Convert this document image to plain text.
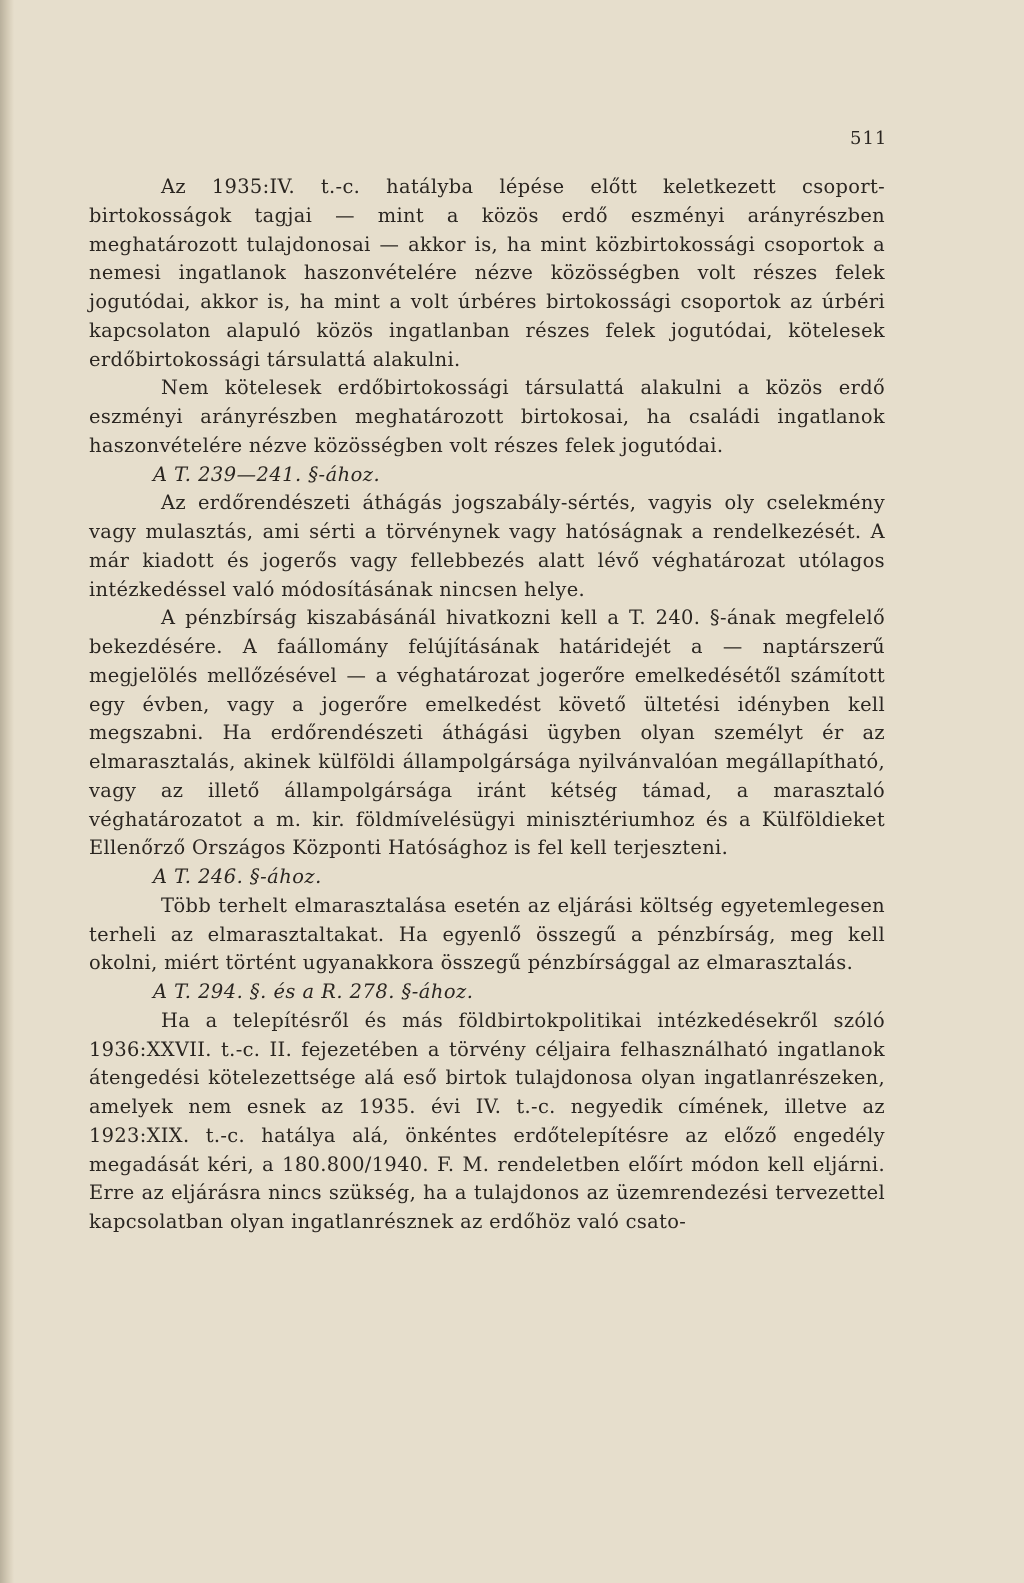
511

Az 1935:IV. t.-c. hatályba lépése előtt keletkezett csoport-birtokosságok tagjai — mint a közös erdő eszményi arányrészben meghatározott tulajdonosai — akkor is, ha mint közbirtokossági csoportok a nemesi ingatlanok haszonvételére nézve közösségben volt részes felek jogutódai, akkor is, ha mint a volt úrbéres birtokossági csoportok az úrbéri kapcsolaton alapuló közös ingatlanban részes felek jogutódai, kötelesek erdőbirtokossági társulattá alakulni.

Nem kötelesek erdőbirtokossági társulattá alakulni a közös erdő eszményi arányrészben meghatározott birtokosai, ha családi ingatlanok haszonvételére nézve közösségben volt részes felek jogutódai.

A T. 239—241. §-ához.

Az erdőrendészeti áthágás jogszabály-sértés, vagyis oly cselekmény vagy mulasztás, ami sérti a törvénynek vagy hatóságnak a rendelkezését. A már kiadott és jogerős vagy fellebbezés alatt lévő véghatározat utólagos intézkedéssel való módosításának nincsen helye.

A pénzbírság kiszabásánál hivatkozni kell a T. 240. §-ának megfelelő bekezdésére. A faállomány felújításának határidejét a — naptárszerű megjelölés mellőzésével — a véghatározat jogerőre emelkedésétől számított egy évben, vagy a jogerőre emelkedést követő ültetési idényben kell megszabni. Ha erdőrendészeti áthágási ügyben olyan személyt ér az elmarasztalás, akinek külföldi állampolgársága nyilvánvalóan megállapítható, vagy az illető állampolgársága iránt kétség támad, a marasztaló véghatározatot a m. kir. földmívelésügyi minisztériumhoz és a Külföldieket Ellenőrző Országos Központi Hatósághoz is fel kell terjeszteni.

A T. 246. §-ához.

Több terhelt elmarasztalása esetén az eljárási költség egyetemlegesen terheli az elmarasztaltakat. Ha egyenlő összegű a pénzbírság, meg kell okolni, miért történt ugyanakkora összegű pénzbírsággal az elmarasztalás.

A T. 294. §. és a R. 278. §-ához.

Ha a telepítésről és más földbirtokpolitikai intézkedésekről szóló 1936:XXVII. t.-c. II. fejezetében a törvény céljaira felhasználható ingatlanok átengedési kötelezettsége alá eső birtok tulajdonosa olyan ingatlanrészeken, amelyek nem esnek az 1935. évi IV. t.-c. negyedik címének, illetve az 1923:XIX. t.-c. hatálya alá, önkéntes erdőtelepítésre az előző engedély megadását kéri, a 180.800/1940. F. M. rendeletben előírt módon kell eljárni. Erre az eljárásra nincs szükség, ha a tulajdonos az üzemrendezési tervezettel kapcsolatban olyan ingatlanrésznek az erdőhöz való csato-
